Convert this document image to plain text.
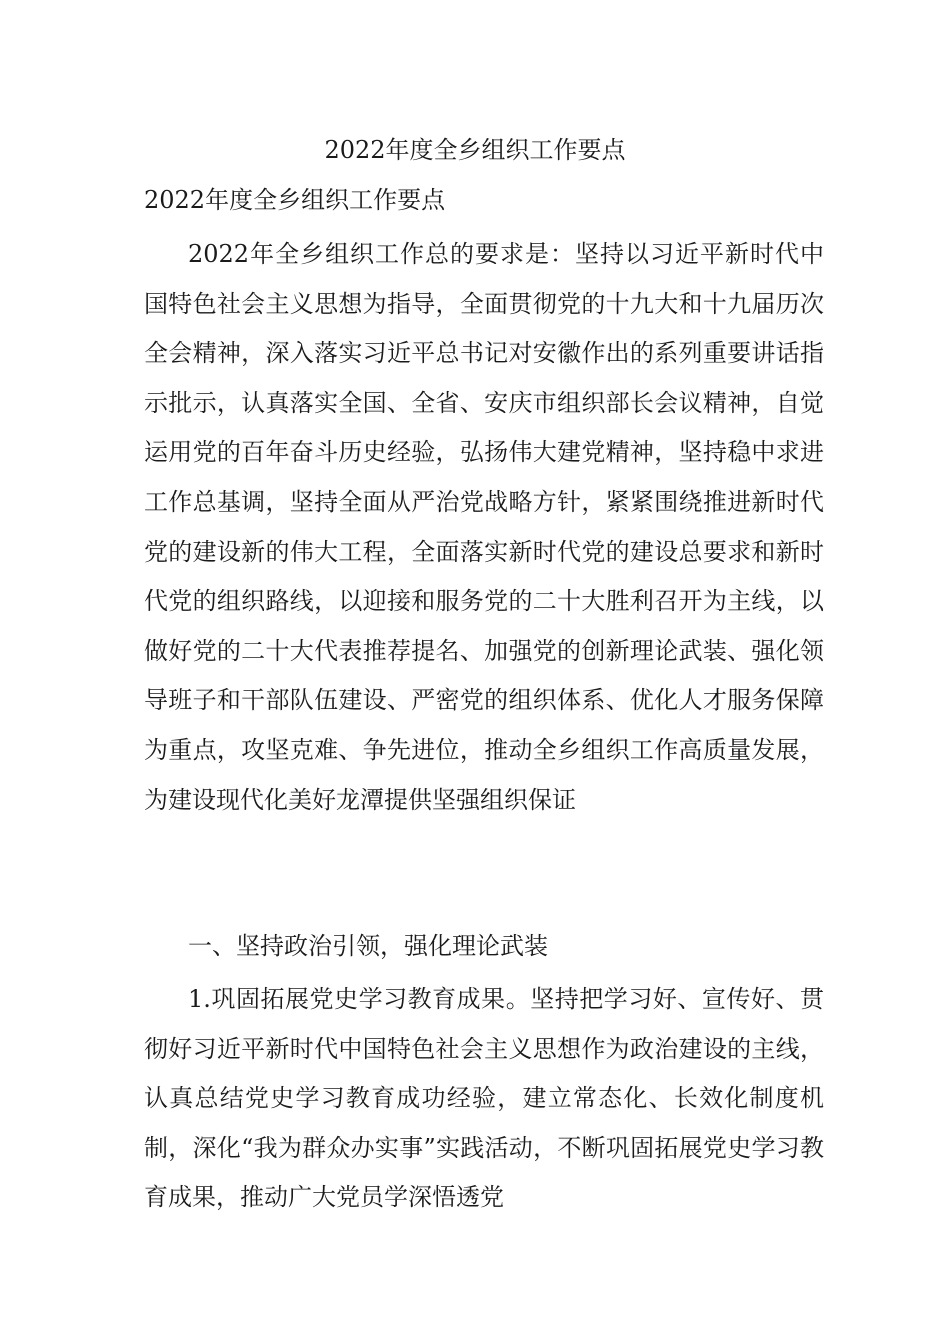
2022年度全乡组织工作要点
2022年度全乡组织工作要点

2022年全乡组织工作总的要求是：坚持以习近平新时代中国特色社会主义思想为指导，全面贯彻党的十九大和十九届历次全会精神，深入落实习近平总书记对安徽作出的系列重要讲话指示批示，认真落实全国、全省、安庆市组织部长会议精神，自觉运用党的百年奋斗历史经验，弘扬伟大建党精神，坚持稳中求进工作总基调，坚持全面从严治党战略方针，紧紧围绕推进新时代党的建设新的伟大工程，全面落实新时代党的建设总要求和新时代党的组织路线，以迎接和服务党的二十大胜利召开为主线，以做好党的二十大代表推荐提名、加强党的创新理论武装、强化领导班子和干部队伍建设、严密党的组织体系、优化人才服务保障为重点，攻坚克难、争先进位，推动全乡组织工作高质量发展，为建设现代化美好龙潭提供坚强组织保证

一、坚持政治引领，强化理论武装

1.巩固拓展党史学习教育成果。坚持把学习好、宣传好、贯彻好习近平新时代中国特色社会主义思想作为政治建设的主线，认真总结党史学习教育成功经验，建立常态化、长效化制度机制，深化“我为群众办实事”实践活动，不断巩固拓展党史学习教育成果，推动广大党员学深悟透党
